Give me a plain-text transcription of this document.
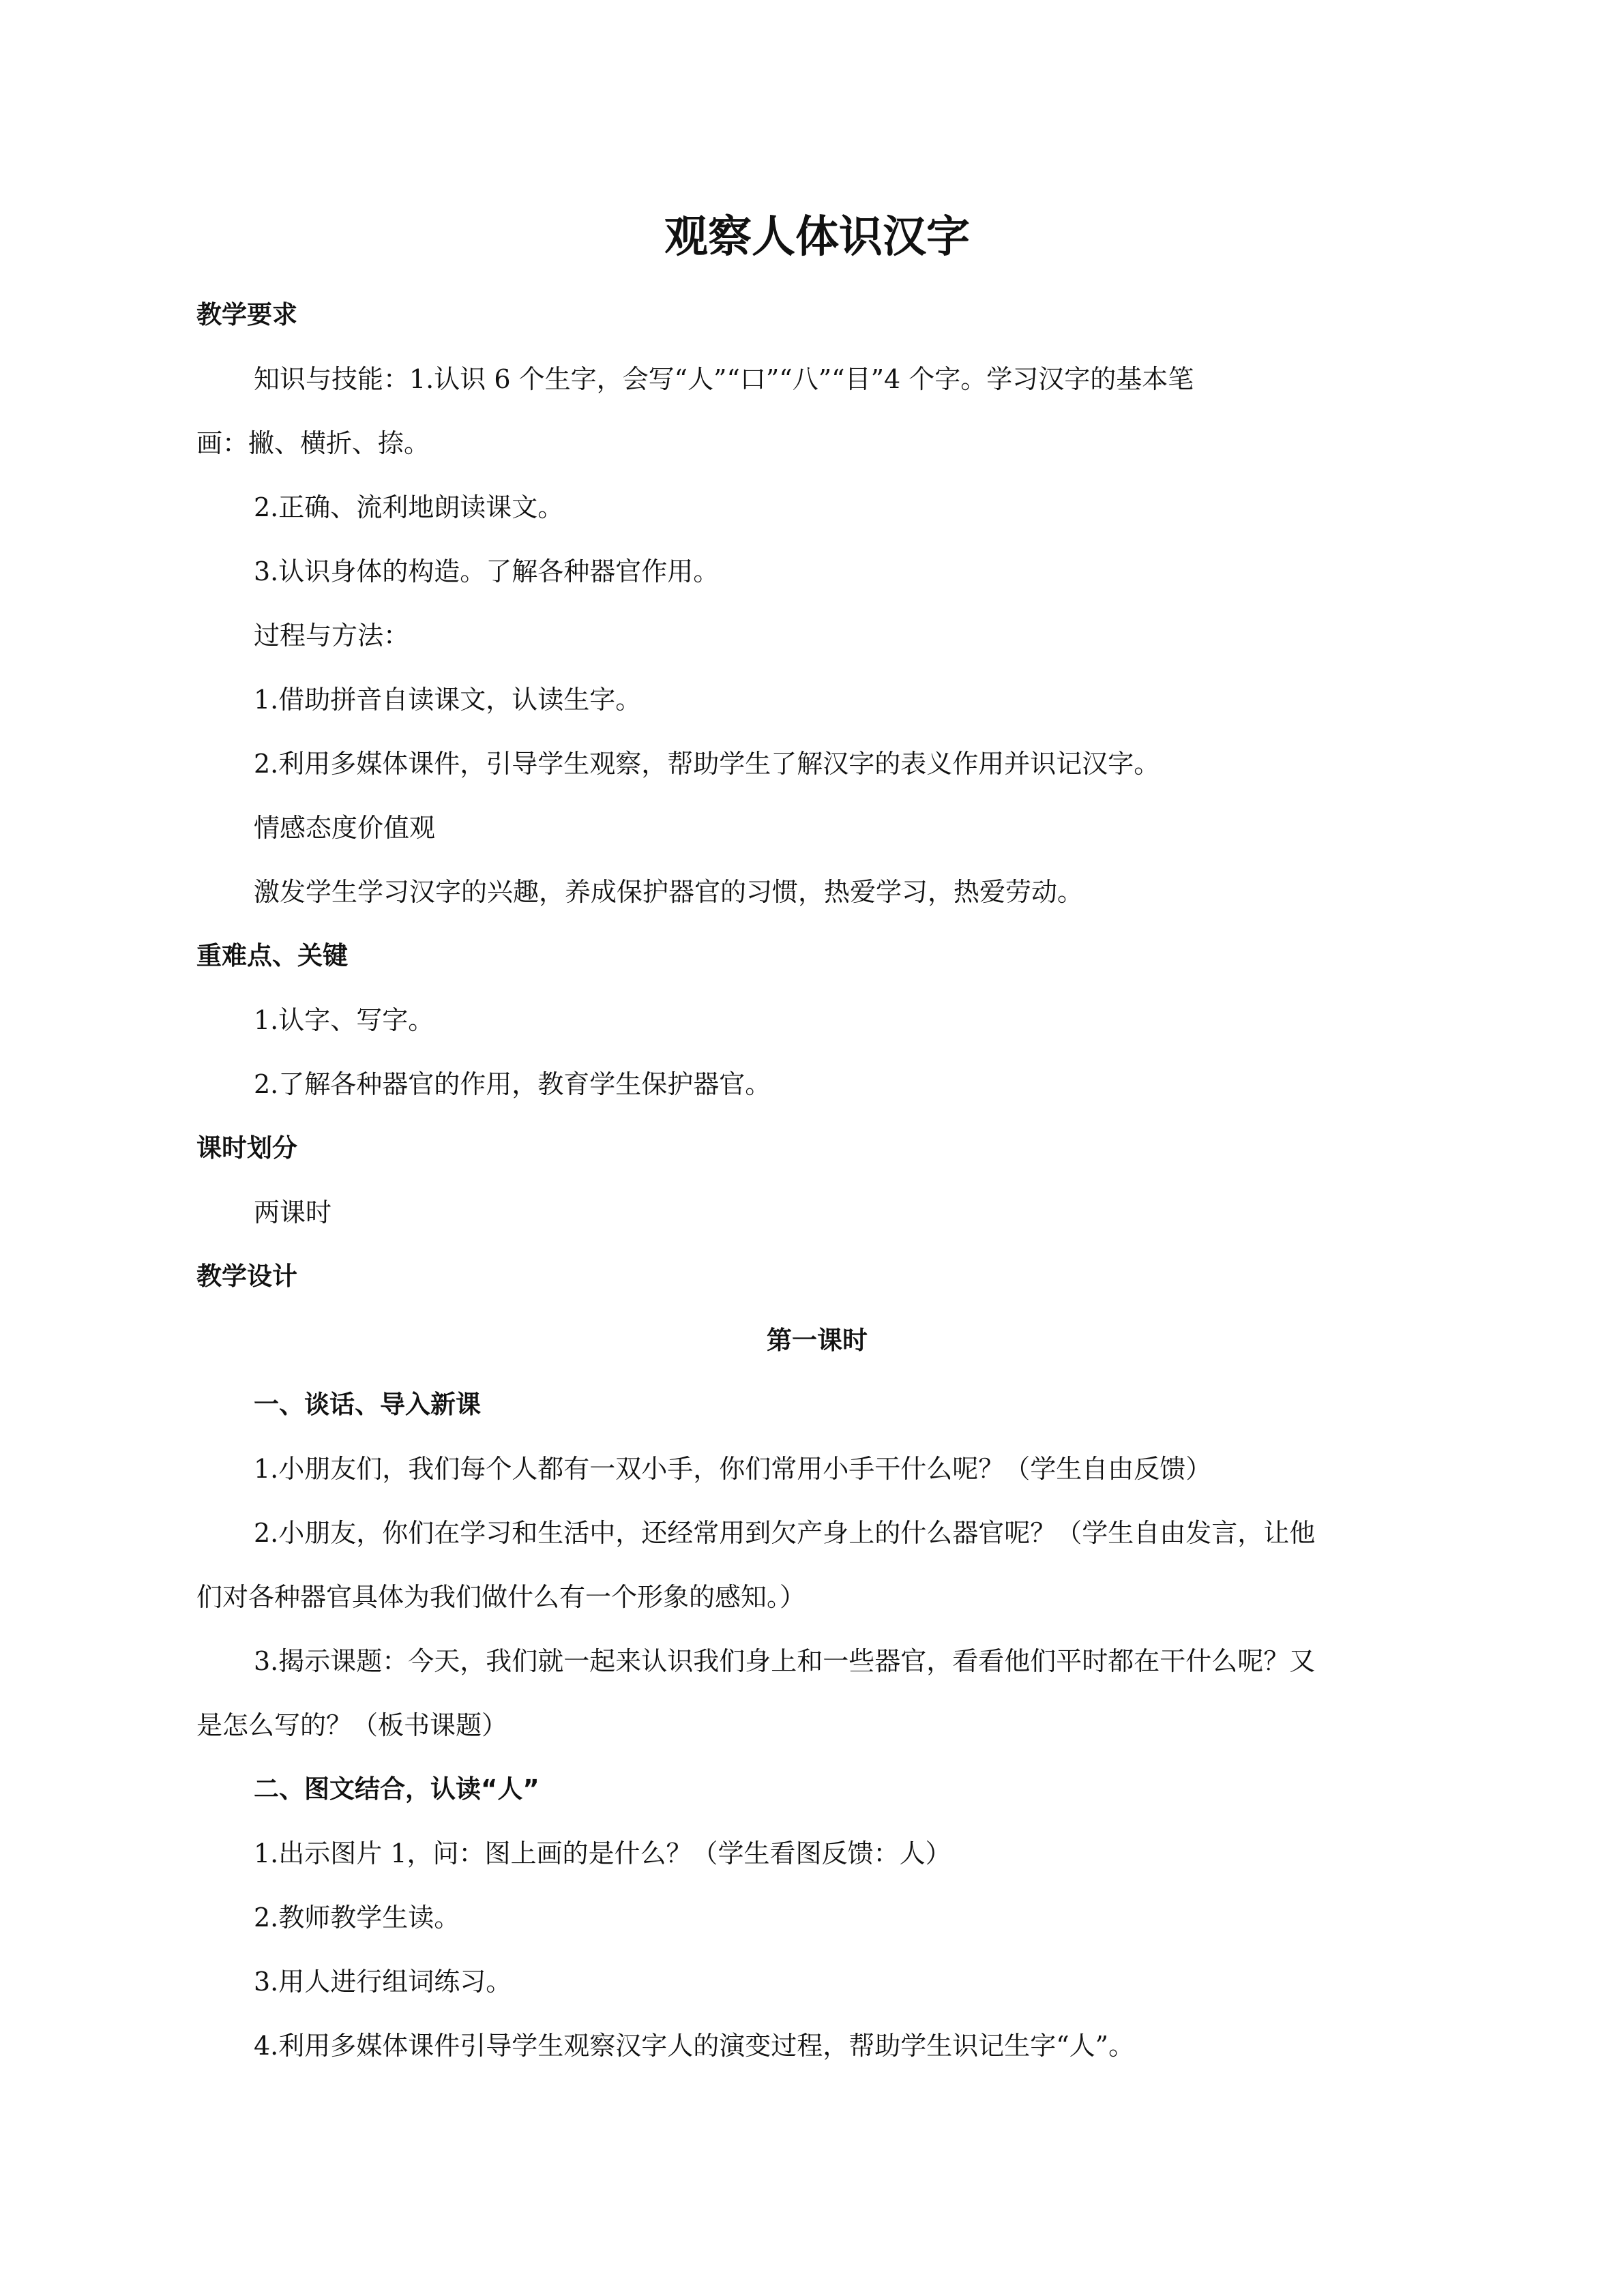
观察人体识汉字

教学要求

知识与技能：1.认识 6 个生字，会写“人”“口”“八”“目”4 个字。学习汉字的基本笔

画：撇、横折、捺。

2.正确、流利地朗读课文。

3.认识身体的构造。了解各种器官作用。

过程与方法：

1.借助拼音自读课文，认读生字。

2.利用多媒体课件，引导学生观察，帮助学生了解汉字的表义作用并识记汉字。

情感态度价值观

激发学生学习汉字的兴趣，养成保护器官的习惯，热爱学习，热爱劳动。

重难点、关键

1.认字、写字。

2.了解各种器官的作用，教育学生保护器官。

课时划分

两课时

教学设计

第一课时

一、谈话、导入新课

1.小朋友们，我们每个人都有一双小手，你们常用小手干什么呢？（学生自由反馈）

2.小朋友，你们在学习和生活中，还经常用到欠产身上的什么器官呢？（学生自由发言，让他

们对各种器官具体为我们做什么有一个形象的感知。）

3.揭示课题：今天，我们就一起来认识我们身上和一些器官，看看他们平时都在干什么呢？又

是怎么写的？（板书课题）

二、图文结合，认读“人”

1.出示图片 1，问：图上画的是什么？（学生看图反馈：人）

2.教师教学生读。

3.用人进行组词练习。

4.利用多媒体课件引导学生观察汉字人的演变过程，帮助学生识记生字“人”。
